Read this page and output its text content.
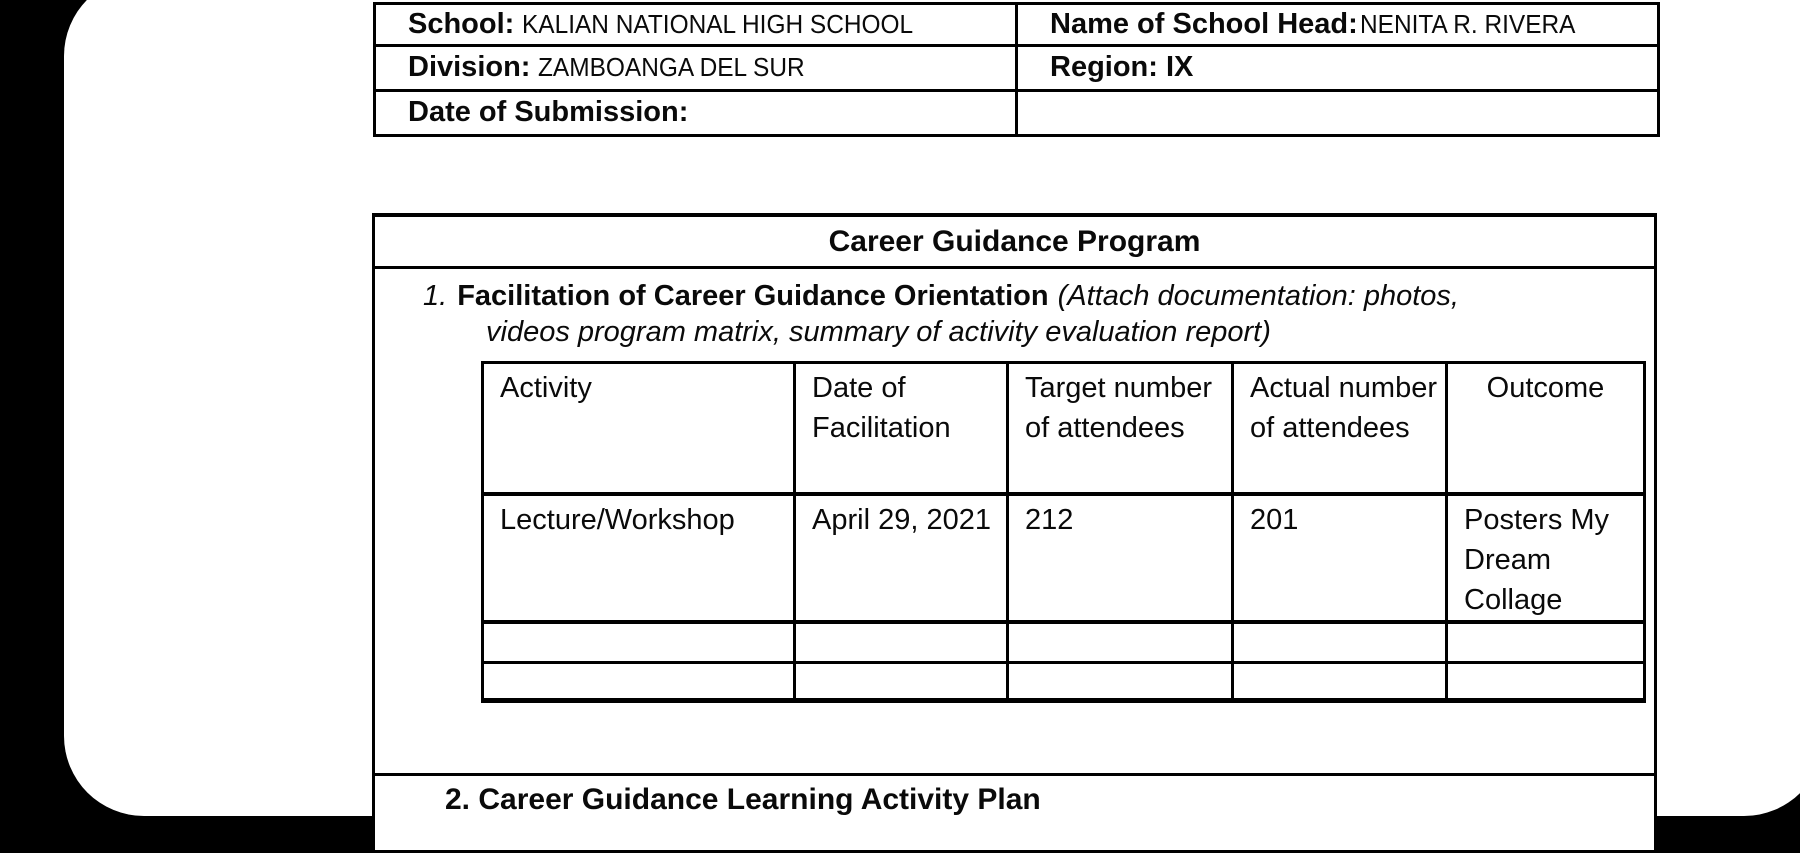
School: KALIAN NATIONAL HIGH SCHOOL	Name of School Head:NENITA R. RIVERA
Division: ZAMBOANGA DEL SUR	Region: IX
Date of Submission:	
Career Guidance Program
1. Facilitation of Career Guidance Orientation (Attach documentation: photos,
videos program matrix, summary of activity evaluation report)
Activity	Date of Facilitation	Target number of attendees	Actual number of attendees	Outcome
Lecture/Workshop	April 29, 2021	212	201	Posters My Dream Collage

2. Career Guidance Learning Activity Plan
